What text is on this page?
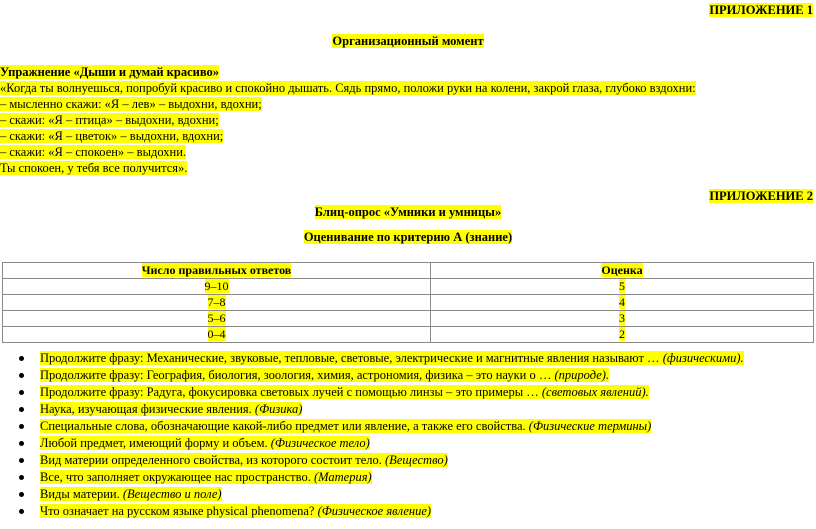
ПРИЛОЖЕНИЕ 1
Организационный момент
Упражнение «Дыши и думай красиво»
«Когда ты волнуешься, попробуй красиво и спокойно дышать. Сядь прямо, положи руки на колени, закрой глаза, глубоко вздохни:
– мысленно скажи: «Я – лев» – выдохни, вдохни;
– скажи: «Я – птица» – выдохни, вдохни;
– скажи: «Я – цветок» – выдохни, вдохни;
– скажи: «Я – спокоен» – выдохни.
Ты спокоен, у тебя все получится».
ПРИЛОЖЕНИЕ 2
Блиц-опрос «Умники и умницы»
Оценивание по критерию А (знание)
Число правильных ответов	Оценка
9–10	5
7–8	4
5–6	3
0–4	2
Продолжите фразу: Механические, звуковые, тепловые, световые, электрические и магнитные явления называют … (физическими).
Продолжите фразу: География, биология, зоология, химия, астрономия, физика – это науки о … (природе).
Продолжите фразу: Радуга, фокусировка световых лучей с помощью линзы – это примеры … (световых явлений).
Наука, изучающая физические явления. (Физика)
Специальные слова, обозначающие какой-либо предмет или явление, а также его свойства. (Физические термины)
Любой предмет, имеющий форму и объем. (Физическое тело)
Вид материи определенного свойства, из которого состоит тело. (Вещество)
Все, что заполняет окружающее нас пространство. (Материя)
Виды материи. (Вещество и поле)
Что означает на русском языке physical phenomena? (Физическое явление)
